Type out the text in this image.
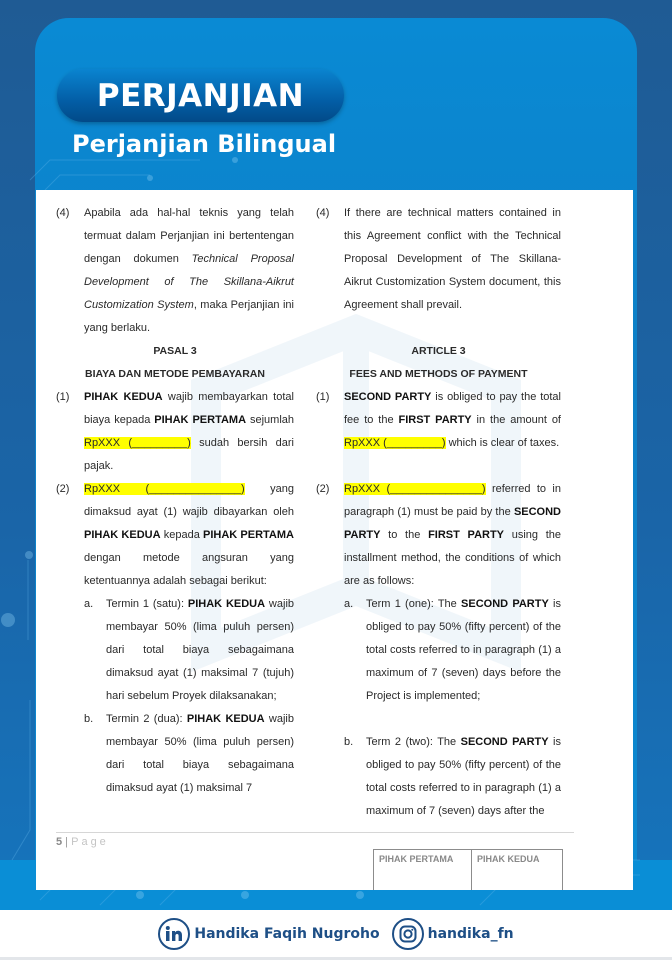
PERJANJIAN
Perjanjian Bilingual
(4)	Apabila ada hal-hal teknis yang telah termuat dalam Perjanjian ini bertentengan dengan dokumen Technical Proposal Development of The Skillana-Aikrut Customization System, maka Perjanjian ini yang berlaku.
PASAL 3
BIAYA DAN METODE PEMBAYARAN
(1)	PIHAK KEDUA wajib membayarkan total biaya kepada PIHAK PERTAMA sejumlah RpXXX (_________) sudah bersih dari pajak.
(2)	RpXXX (_______________) yang dimaksud ayat (1) wajib dibayarkan oleh PIHAK KEDUA kepada PIHAK PERTAMA dengan metode angsuran yang ketentuannya adalah sebagai berikut:
a.	Termin 1 (satu): PIHAK KEDUA wajib membayar 50% (lima puluh persen) dari total biaya sebagaimana dimaksud ayat (1) maksimal 7 (tujuh) hari sebelum Proyek dilaksanakan;
b.	Termin 2 (dua): PIHAK KEDUA wajib membayar 50% (lima puluh persen) dari total biaya sebagaimana dimaksud ayat (1) maksimal 7
(4)	If there are technical matters contained in this Agreement conflict with the Technical Proposal Development of The Skillana-Aikrut Customization System document, this Agreement shall prevail.
ARTICLE 3
FEES AND METHODS OF PAYMENT
(1)	SECOND PARTY is obliged to pay the total fee to the FIRST PARTY in the amount of RpXXX (_________) which is clear of taxes.
(2)	RpXXX (_______________) referred to in paragraph (1) must be paid by the SECOND PARTY to the FIRST PARTY using the installment method, the conditions of which are as follows:
a.	Term 1 (one): The SECOND PARTY is obliged to pay 50% (fifty percent) of the total costs referred to in paragraph (1) a maximum of 7 (seven) days before the Project is implemented;
b.	Term 2 (two): The SECOND PARTY is obliged to pay 50% (fifty percent) of the total costs referred to in paragraph (1) a maximum of 7 (seven) days after the
5 | Page
PIHAK PERTAMA	PIHAK KEDUA
Handika Faqih Nugroho	handika_fn
